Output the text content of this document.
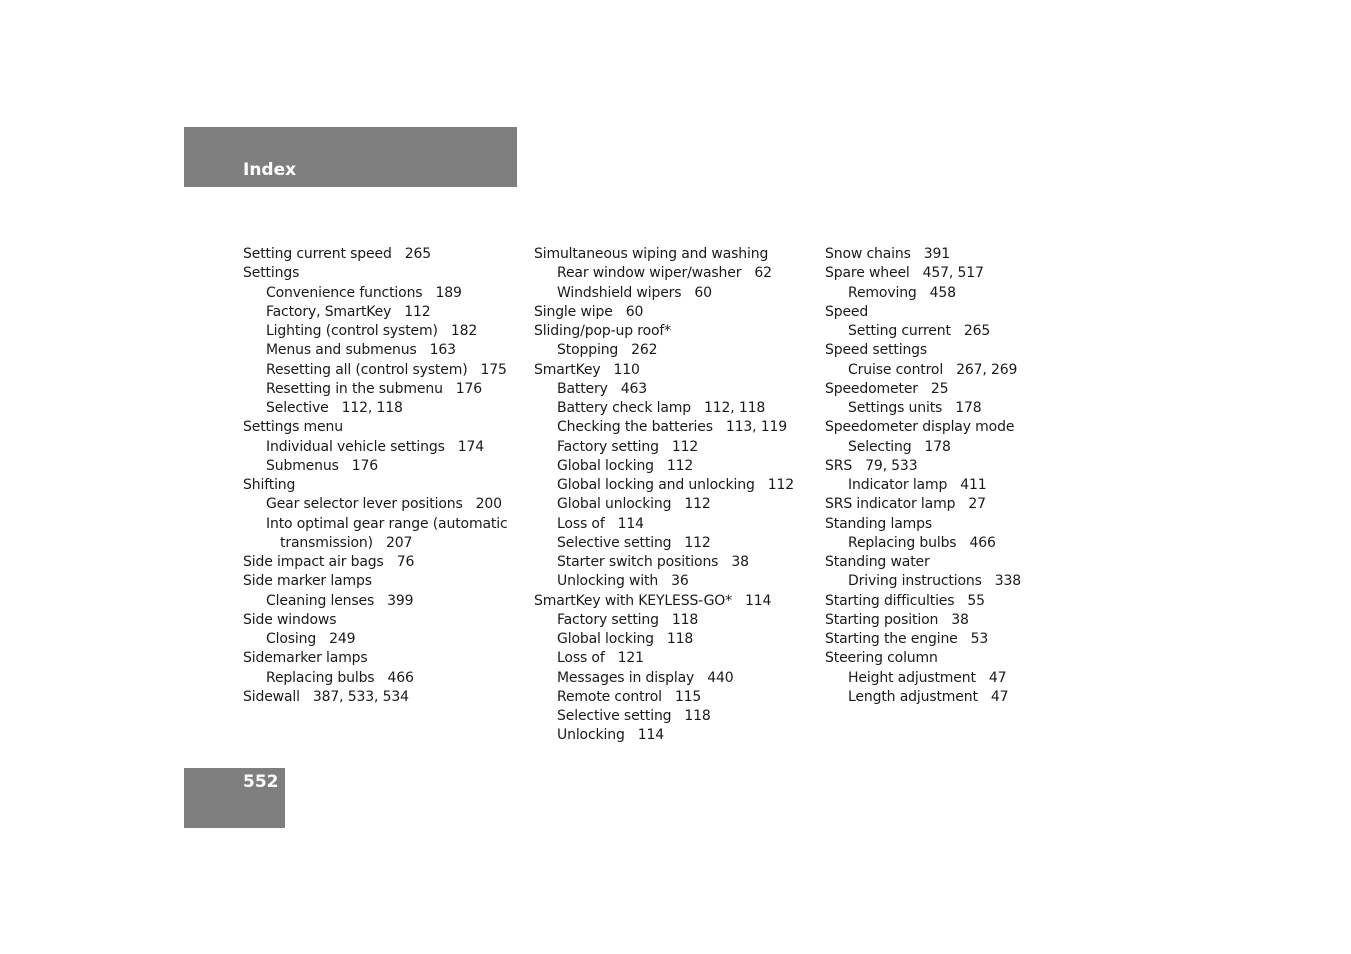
Index
Setting current speed 265
Settings
Convenience functions 189
Factory, SmartKey 112
Lighting (control system) 182
Menus and submenus 163
Resetting all (control system) 175
Resetting in the submenu 176
Selective 112, 118
Settings menu
Individual vehicle settings 174
Submenus 176
Shifting
Gear selector lever positions 200
Into optimal gear range (automatic
transmission) 207
Side impact air bags 76
Side marker lamps
Cleaning lenses 399
Side windows
Closing 249
Sidemarker lamps
Replacing bulbs 466
Sidewall 387, 533, 534
Simultaneous wiping and washing
Rear window wiper/washer 62
Windshield wipers 60
Single wipe 60
Sliding/pop-up roof*
Stopping 262
SmartKey 110
Battery 463
Battery check lamp 112, 118
Checking the batteries 113, 119
Factory setting 112
Global locking 112
Global locking and unlocking 112
Global unlocking 112
Loss of 114
Selective setting 112
Starter switch positions 38
Unlocking with 36
SmartKey with KEYLESS-GO* 114
Factory setting 118
Global locking 118
Loss of 121
Messages in display 440
Remote control 115
Selective setting 118
Unlocking 114
Snow chains 391
Spare wheel 457, 517
Removing 458
Speed
Setting current 265
Speed settings
Cruise control 267, 269
Speedometer 25
Settings units 178
Speedometer display mode
Selecting 178
SRS 79, 533
Indicator lamp 411
SRS indicator lamp 27
Standing lamps
Replacing bulbs 466
Standing water
Driving instructions 338
Starting difficulties 55
Starting position 38
Starting the engine 53
Steering column
Height adjustment 47
Length adjustment 47
552
